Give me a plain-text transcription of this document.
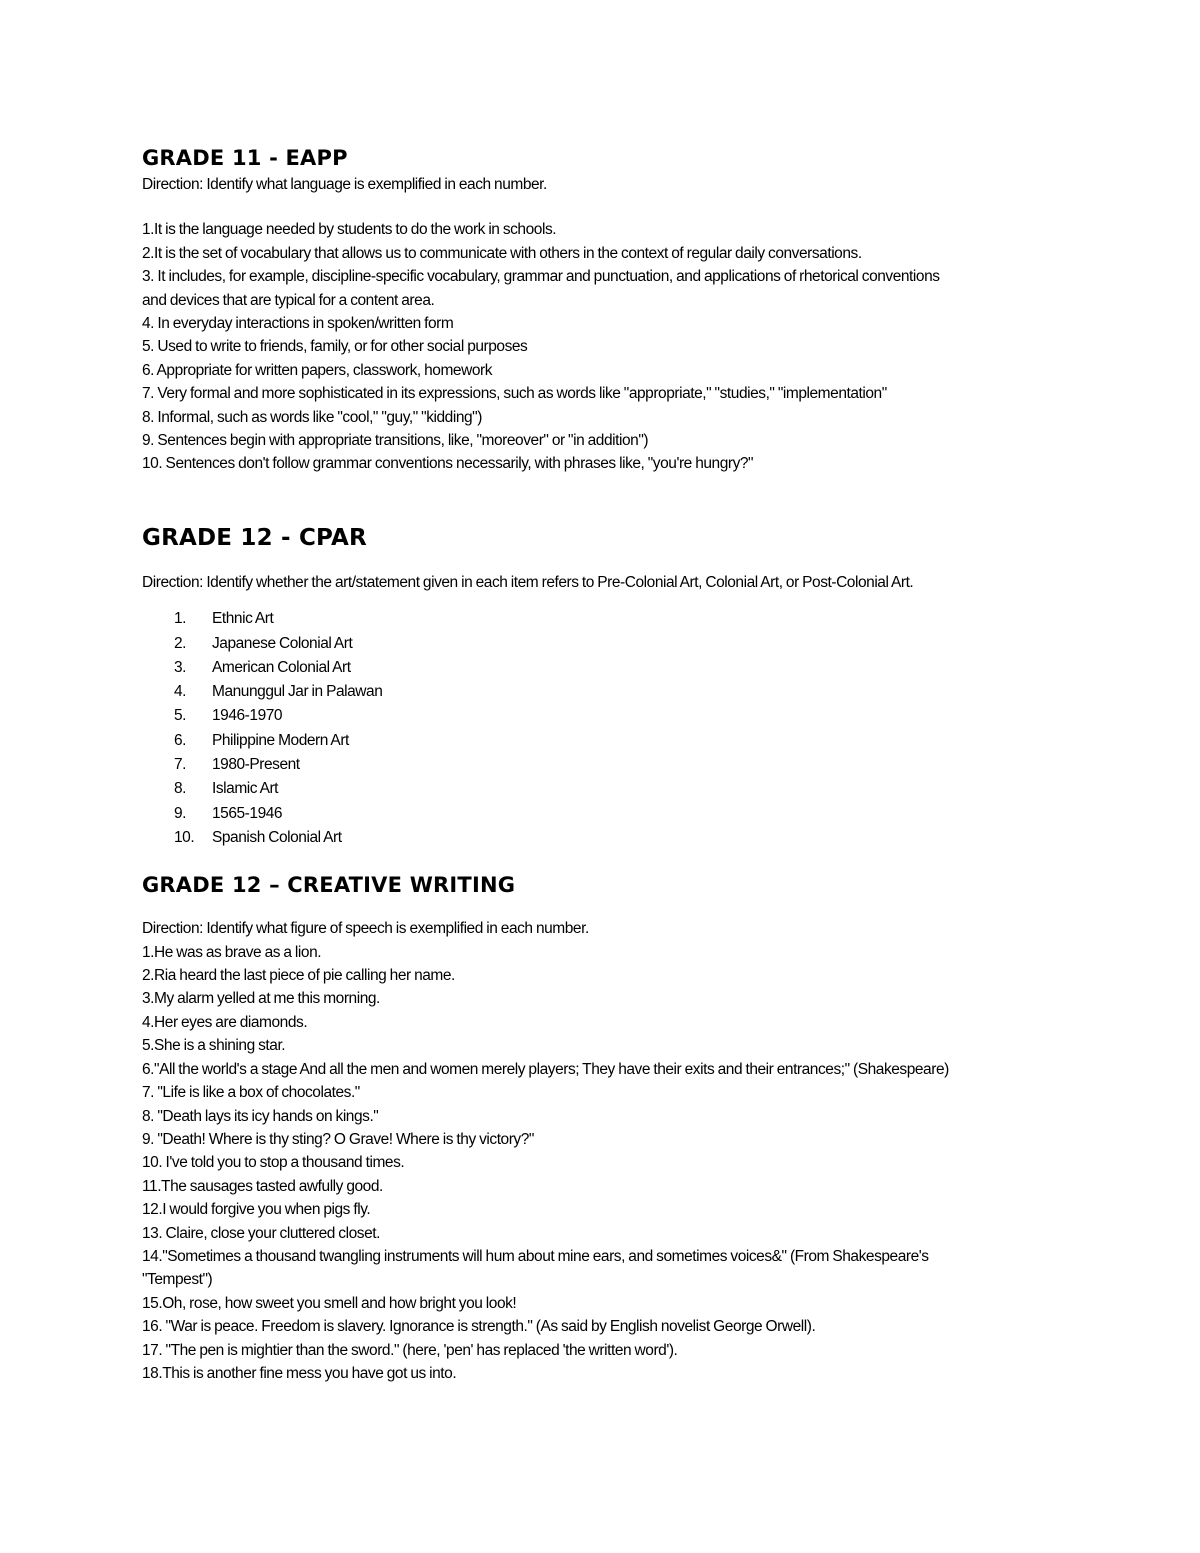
GRADE 11 - EAPP
Direction: Identify what language is exemplified in each number.
1.It is the language needed by students to do the work in schools.
2.It is the set of vocabulary that allows us to communicate with others in the context of regular daily conversations.
3. It includes, for example, discipline-specific vocabulary, grammar and punctuation, and applications of rhetorical conventions
and devices that are typical for a content area.
4. In everyday interactions in spoken/written form
5. Used to write to friends, family, or for other social purposes
6. Appropriate for written papers, classwork, homework
7. Very formal and more sophisticated in its expressions, such as words like "appropriate," "studies," "implementation"
8. Informal, such as words like "cool," "guy," "kidding")
9. Sentences begin with appropriate transitions, like, "moreover" or "in addition")
10. Sentences don't follow grammar conventions necessarily, with phrases like, "you're hungry?"
GRADE 12 - CPAR
Direction: Identify whether the art/statement given in each item refers to Pre-Colonial Art, Colonial Art, or Post-Colonial Art.
1.	Ethnic Art
2.	Japanese Colonial Art
3.	American Colonial Art
4.	Manunggul Jar in Palawan
5.	1946-1970
6.	Philippine Modern Art
7.	1980-Present
8.	Islamic Art
9.	1565-1946
10.	Spanish Colonial Art
GRADE 12 – CREATIVE WRITING
Direction: Identify what figure of speech is exemplified in each number.
1.He was as brave as a lion.
2.Ria heard the last piece of pie calling her name.
3.My alarm yelled at me this morning.
4.Her eyes are diamonds.
5.She is a shining star.
6."All the world's a stage And all the men and women merely players; They have their exits and their entrances;" (Shakespeare)
7. "Life is like a box of chocolates."
8. "Death lays its icy hands on kings."
9. "Death! Where is thy sting? O Grave! Where is thy victory?"
10. I've told you to stop a thousand times.
11.The sausages tasted awfully good.
12.I would forgive you when pigs fly.
13. Claire, close your cluttered closet.
14."Sometimes a thousand twangling instruments will hum about mine ears, and sometimes voices&" (From Shakespeare's
"Tempest")
15.Oh, rose, how sweet you smell and how bright you look!
16. "War is peace. Freedom is slavery. Ignorance is strength." (As said by English novelist George Orwell).
17. "The pen is mightier than the sword." (here, 'pen' has replaced 'the written word').
18.This is another fine mess you have got us into.
